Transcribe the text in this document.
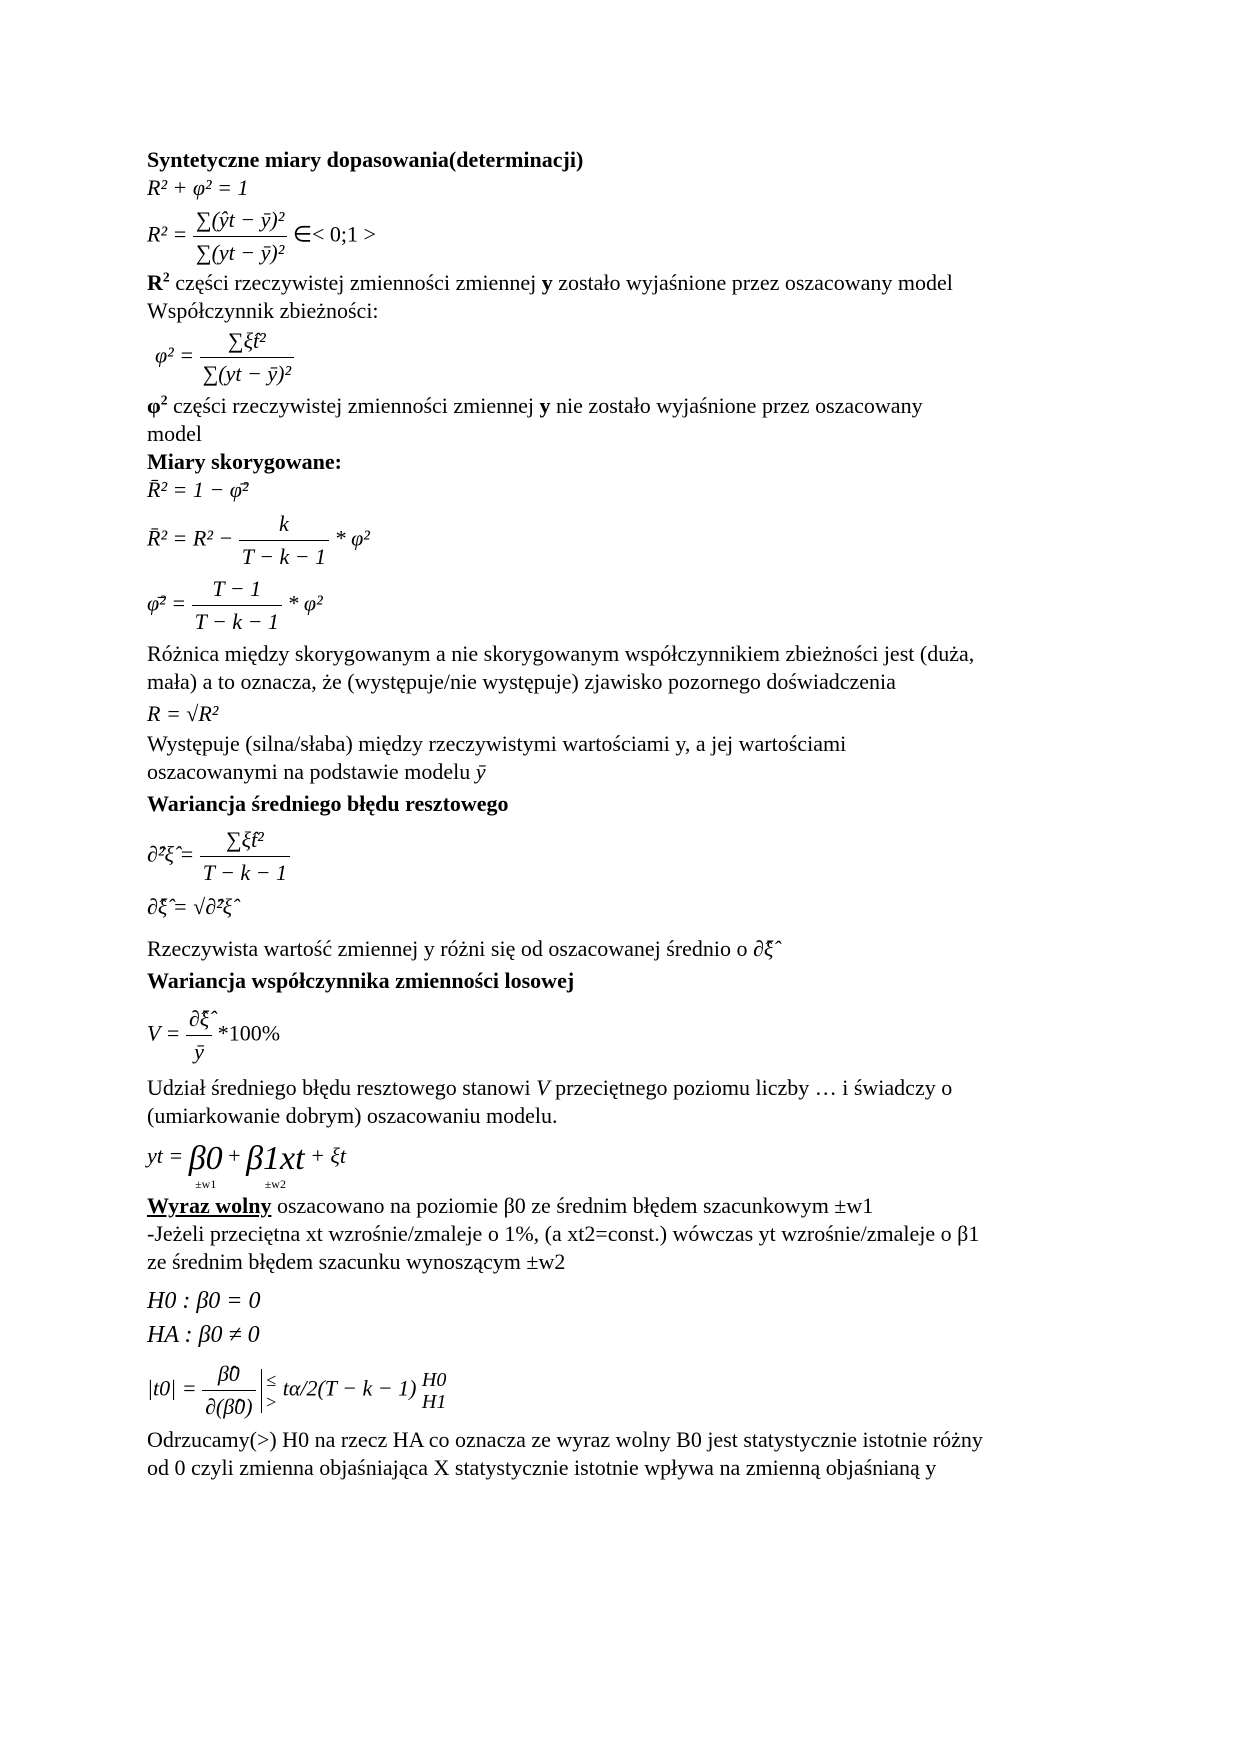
Syntetyczne miary dopasowania(determinacji)
R² + φ² = 1
$R^2 = \frac{\text{∑(ŷt − ȳ)²}}{\text{∑(yt − ȳ)²}}$ ∈< 0;1 >
$R^2$ części rzeczywistej zmienności zmiennej y zostało wyjaśnione przez oszacowany model
Współczynnik zbieżności:
$\varphi^2 = \frac{\text{∑ξ̂t²}}{\text{∑(yt − ȳ)²}}$
$\varphi^2$ części rzeczywistej zmienności zmiennej y nie zostało wyjaśnione przez oszacowany
model
Miary skorygowane:
R̄² = 1 − φ̄²
R̄² = $R^2 - \frac{k}{T - k - 1} * \varphi^2$
φ̄² = $\frac{T - 1}{T - k - 1} * \varphi^2$
Różnica między skorygowanym a nie skorygowanym współczynnikiem zbieżności jest (duża,
mała) a to oznacza, że (występuje/nie występuje) zjawisko pozornego doświadczenia
R = √R²
Występuje (silna/słaba) między rzeczywistymi wartościami y, a jej wartościami
oszacowanymi na podstawie modelu ȳ
Wariancja średniego błędu resztowego
∂̂²ξ̂ = $\frac{\text{∑ξ̂t²}}{T - k - 1}$
∂̂ξ̂ = √∂̂²ξ̂
Rzeczywista wartość zmiennej y różni się od oszacowanej średnio o ∂̂ξ̂
Wariancja współczynnika zmienności losowej
$V = \frac{\partial̂\xî}{ȳ} *100\%$
Udział średniego błędu resztowego stanowi V przeciętnego poziomu liczby … i świadczy o
(umiarkowanie dobrym) oszacowaniu modelu.
yt = β0
±w1
+ β1xt
±w2
+ ξt
Wyraz wolny oszacowano na poziomie β0 ze średnim błędem szacunkowym ±w1
-Jeżeli przeciętna xt wzrośnie/zmaleje o 1%, (a xt2=const.) wówczas yt wzrośnie/zmaleje o β1
ze średnim błędem szacunku wynoszącym ±w2
H0 : β0 = 0
HA : β0 ≠ 0
$|t0| = \frac{\betâ0}{\partial(\betâ0)}$
≤
>
tα/2(T − k − 1) H0
H1
Odrzucamy(>) H0 na rzecz HA co oznacza ze wyraz wolny B0 jest statystycznie istotnie różny
od 0 czyli zmienna objaśniająca X statystycznie istotnie wpływa na zmienną objaśnianą y
